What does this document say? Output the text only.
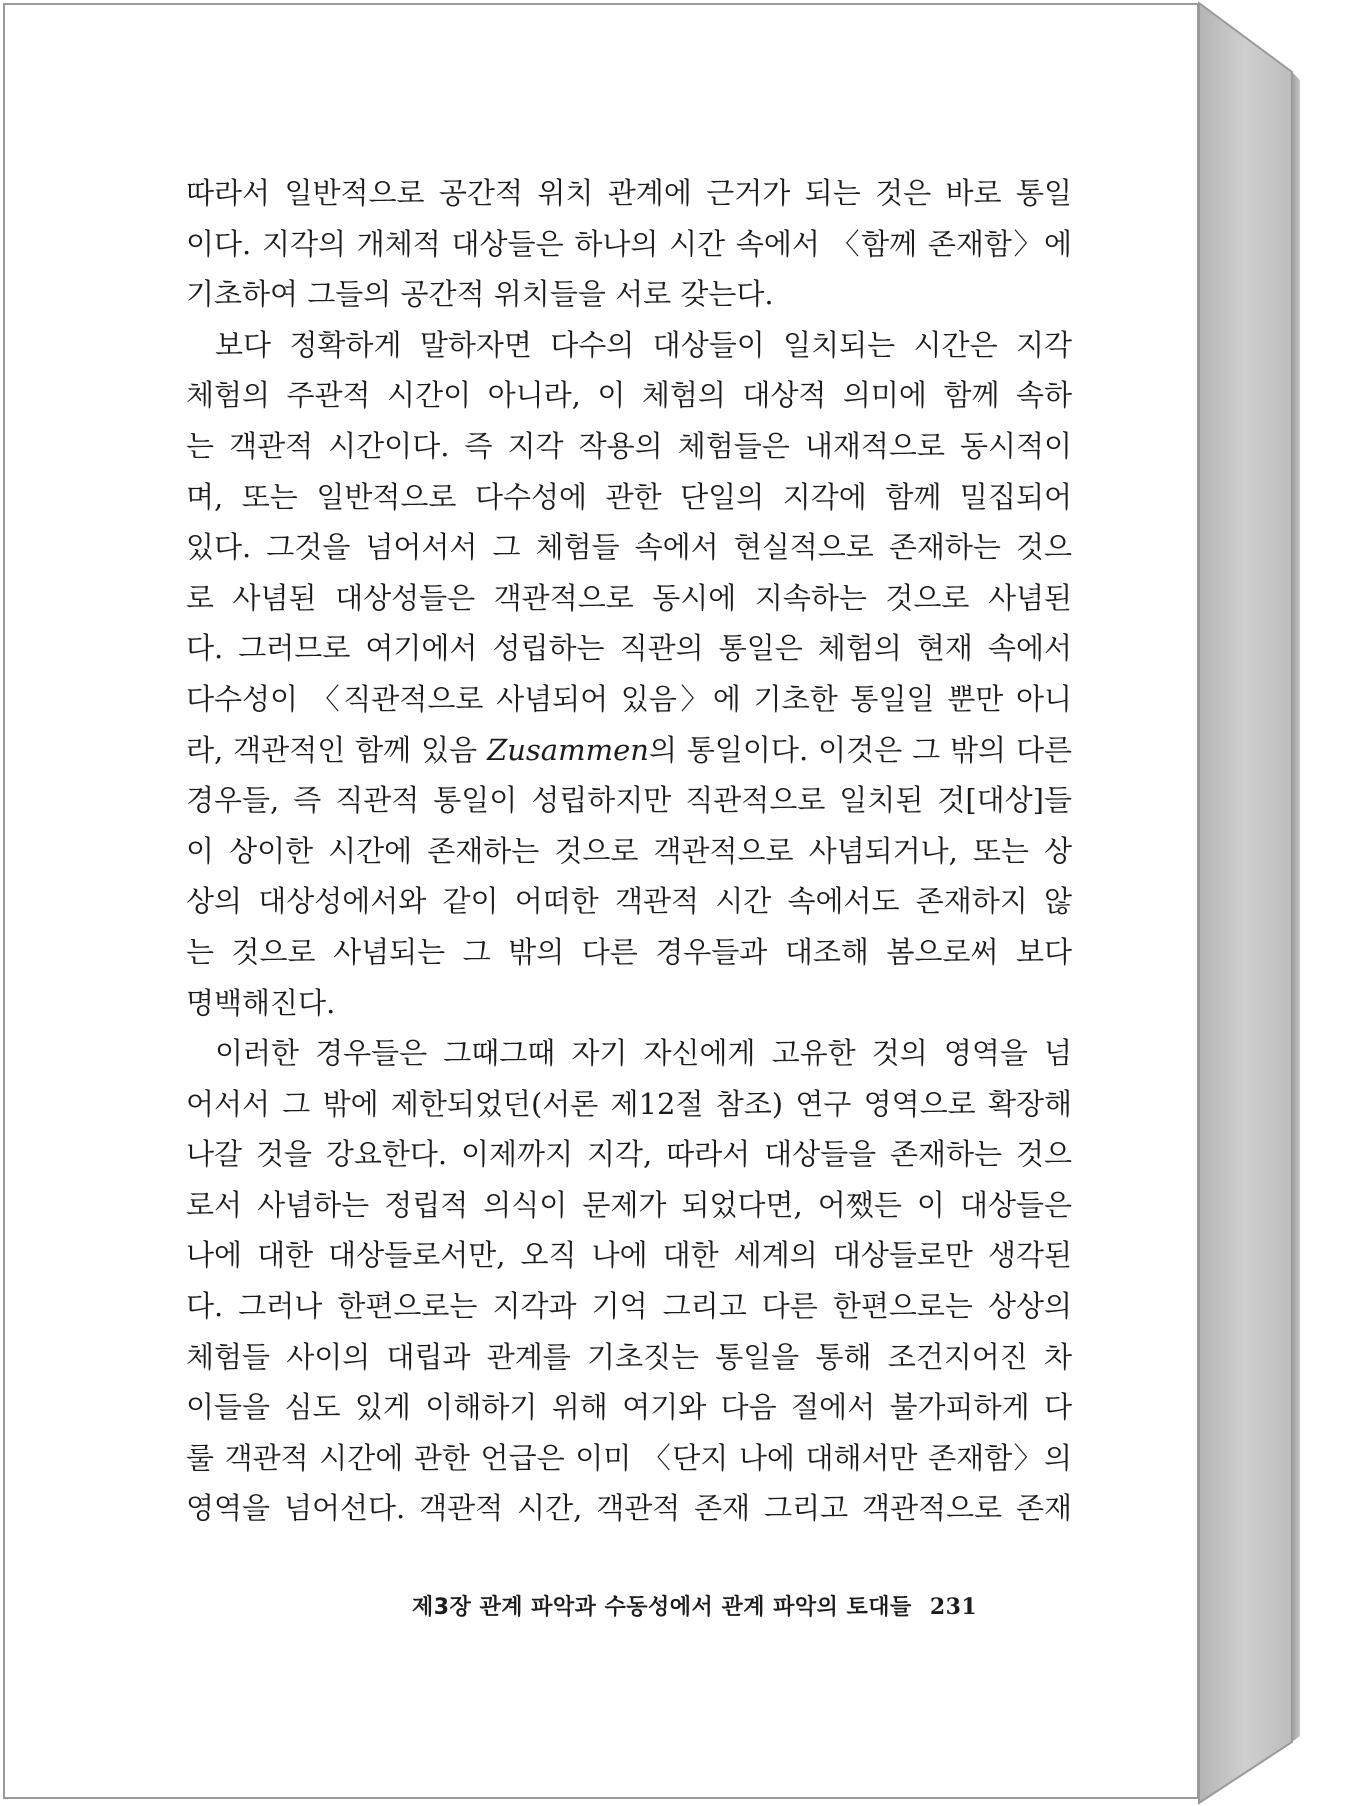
따라서 일반적으로 공간적 위치 관계에 근거가 되는 것은 바로 통일
이다. 지각의 개체적 대상들은 하나의 시간 속에서 〈함께 존재함〉에
기초하여 그들의 공간적 위치들을 서로 갖는다.
보다 정확하게 말하자면 다수의 대상들이 일치되는 시간은 지각
체험의 주관적 시간이 아니라, 이 체험의 대상적 의미에 함께 속하
는 객관적 시간이다. 즉 지각 작용의 체험들은 내재적으로 동시적이
며, 또는 일반적으로 다수성에 관한 단일의 지각에 함께 밀집되어
있다. 그것을 넘어서서 그 체험들 속에서 현실적으로 존재하는 것으
로 사념된 대상성들은 객관적으로 동시에 지속하는 것으로 사념된
다. 그러므로 여기에서 성립하는 직관의 통일은 체험의 현재 속에서
다수성이 〈직관적으로 사념되어 있음〉에 기초한 통일일 뿐만 아니
라, 객관적인 함께 있음 Zusammen의 통일이다. 이것은 그 밖의 다른
경우들, 즉 직관적 통일이 성립하지만 직관적으로 일치된 것[대상]들
이 상이한 시간에 존재하는 것으로 객관적으로 사념되거나, 또는 상
상의 대상성에서와 같이 어떠한 객관적 시간 속에서도 존재하지 않
는 것으로 사념되는 그 밖의 다른 경우들과 대조해 봄으로써 보다
명백해진다.
이러한 경우들은 그때그때 자기 자신에게 고유한 것의 영역을 넘
어서서 그 밖에 제한되었던(서론 제12절 참조) 연구 영역으로 확장해
나갈 것을 강요한다. 이제까지 지각, 따라서 대상들을 존재하는 것으
로서 사념하는 정립적 의식이 문제가 되었다면, 어쨌든 이 대상들은
나에 대한 대상들로서만, 오직 나에 대한 세계의 대상들로만 생각된
다. 그러나 한편으로는 지각과 기억 그리고 다른 한편으로는 상상의
체험들 사이의 대립과 관계를 기초짓는 통일을 통해 조건지어진 차
이들을 심도 있게 이해하기 위해 여기와 다음 절에서 불가피하게 다
룰 객관적 시간에 관한 언급은 이미 〈단지 나에 대해서만 존재함〉의
영역을 넘어선다. 객관적 시간, 객관적 존재 그리고 객관적으로 존재
제3장 관계 파악과 수동성에서 관계 파악의 토대들 231
